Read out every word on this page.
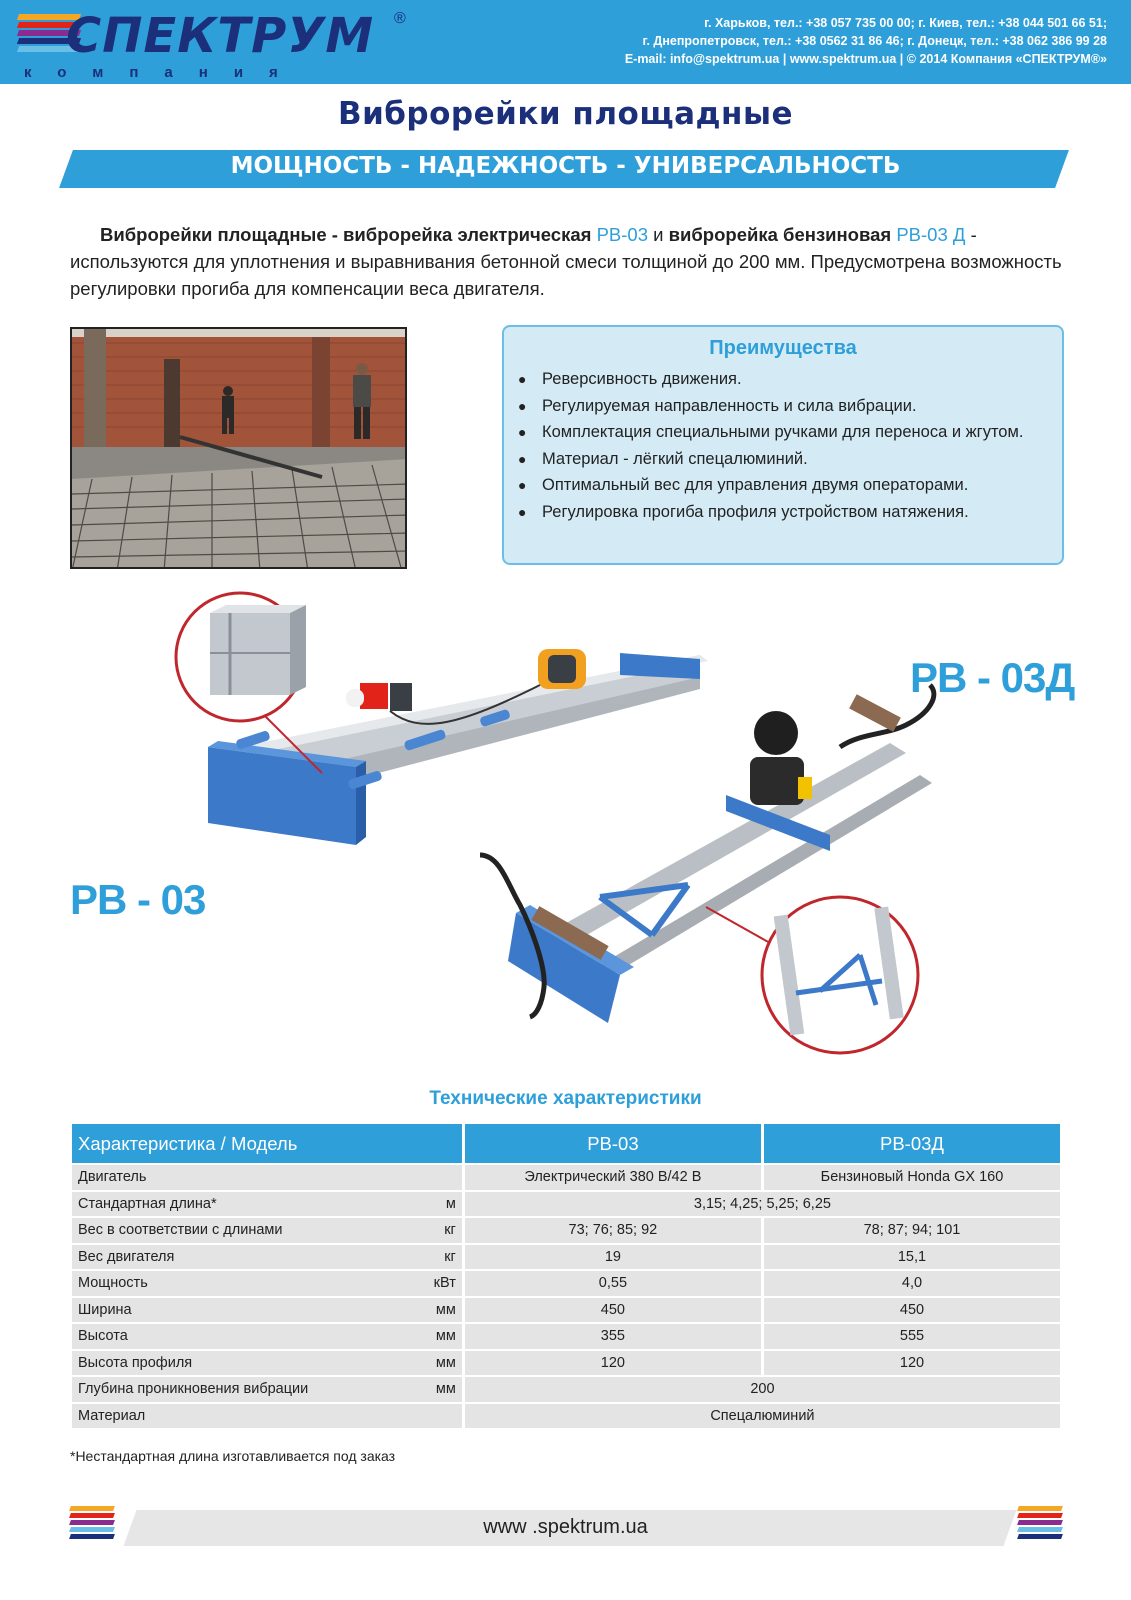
СПЕКТРУМ ®
компания
г. Харьков, тел.: +38 057 735 00 00; г. Киев, тел.: +38 044 501 66 51;
г. Днепропетровск, тел.: +38 0562 31 86 46; г. Донецк, тел.: +38 062 386 99 28
E-mail: info@spektrum.ua | www.spektrum.ua | © 2014 Компания «СПЕКТРУМ®»
Виброрейки площадные
МОЩНОСТЬ - НАДЕЖНОСТЬ - УНИВЕРСАЛЬНОСТЬ
Виброрейки площадные - виброрейка электрическая РВ-03 и виброрейка бензиновая РВ-03 Д - используются для уплотнения и выравнивания бетонной смеси толщиной до 200 мм. Предусмотрена возможность регулировки прогиба для компенсации веса двигателя.
Преимущества
● Реверсивность движения.
● Регулируемая направленность и сила вибрации.
● Комплектация специальными ручками для переноса и жгутом.
● Материал - лёгкий спецалюминий.
● Оптимальный вес для управления двумя операторами.
● Регулировка прогиба профиля устройством натяжения.
РВ - 03
РВ - 03Д
Технические характеристики
Характеристика / Модель	РВ-03	РВ-03Д
Двигатель	Электрический 380 В/42 В	Бензиновый Honda GX 160

Стандартная длина* м	3,15; 4,25; 5,25; 6,25	

Вес в соответствии с длинами кг	73; 76; 85; 92	78; 87; 94; 101

Вес двигателя кг	19	15,1

Мощность кВт	0,55	4,0

Ширина мм	450	450

Высота мм	355	555

Высота профиля мм	120	120

Глубина проникновения вибрации мм	200	
Материал	Спецалюминий	
*Нестандартная длина изготавливается под заказ
www .spektrum.ua
